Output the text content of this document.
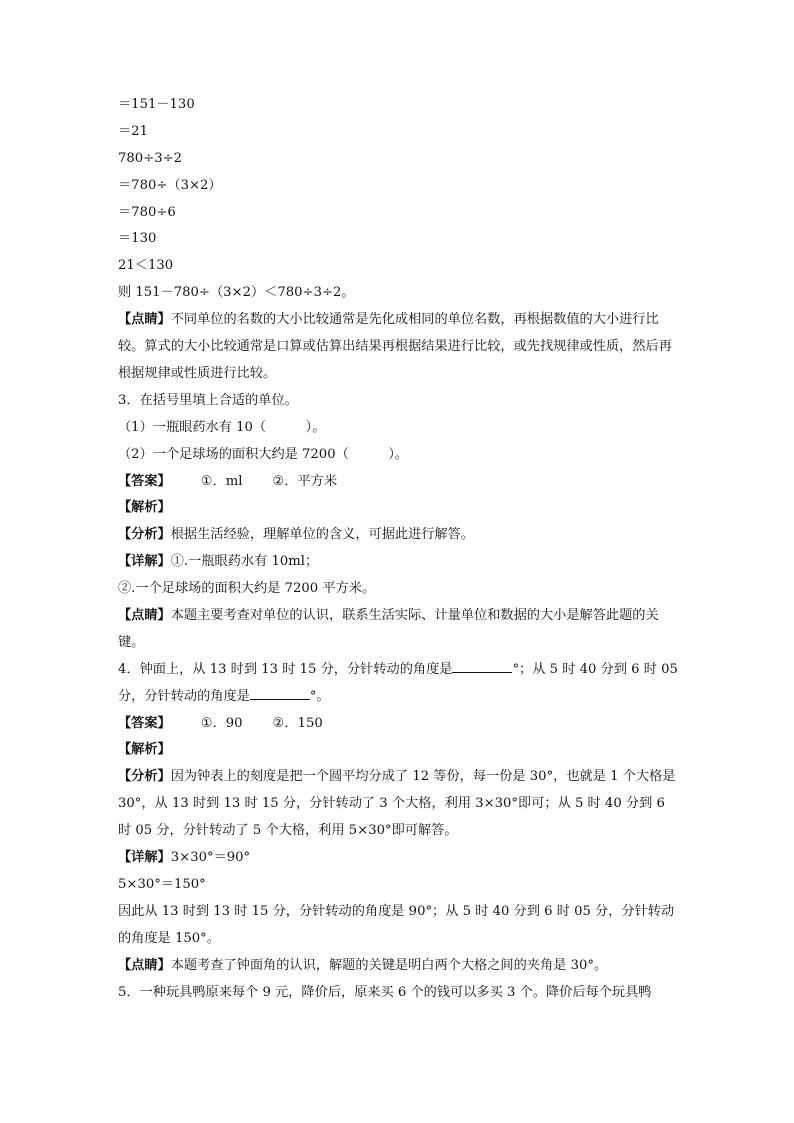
＝151－130
＝21
780÷3÷2
＝780÷（3×2）
＝780÷6
＝130
21＜130
则 151－780÷（3×2）＜780÷3÷2。
【点睛】不同单位的名数的大小比较通常是先化成相同的单位名数，再根据数值的大小进行比较。算式的大小比较通常是口算或估算出结果再根据结果进行比较，或先找规律或性质，然后再根据规律或性质进行比较。
3．在括号里填上合适的单位。
（1）一瓶眼药水有 10（　　　）。
（2）一个足球场的面积大约是 7200（　　　）。
【答案】 ①．ml ②．平方米
【解析】
【分析】根据生活经验，理解单位的含义，可据此进行解答。
【详解】①.一瓶眼药水有 10ml；
②.一个足球场的面积大约是 7200 平方米。
【点睛】本题主要考查对单位的认识，联系生活实际、计量单位和数据的大小是解答此题的关键。
4．钟面上，从 13 时到 13 时 15 分，分针转动的角度是	°；从 5 时 40 分到 6 时 05分，分针转动的角度是	°。
【答案】 ①．90 ②．150
【解析】
【分析】因为钟表上的刻度是把一个圆平均分成了 12 等份，每一份是 30°，也就是 1 个大格是 30°，从 13 时到 13 时 15 分，分针转动了 3 个大格，利用 3×30°即可；从 5 时 40 分到 6 时 05 分，分针转动了 5 个大格，利用 5×30°即可解答。
【详解】3×30°＝90°
5×30°＝150°
因此从 13 时到 13 时 15 分，分针转动的角度是 90°；从 5 时 40 分到 6 时 05 分，分针转动的角度是 150°。
【点睛】本题考查了钟面角的认识，解题的关键是明白两个大格之间的夹角是 30°。
5．一种玩具鸭原来每个 9 元，降价后，原来买 6 个的钱可以多买 3 个。降价后每个玩具鸭
